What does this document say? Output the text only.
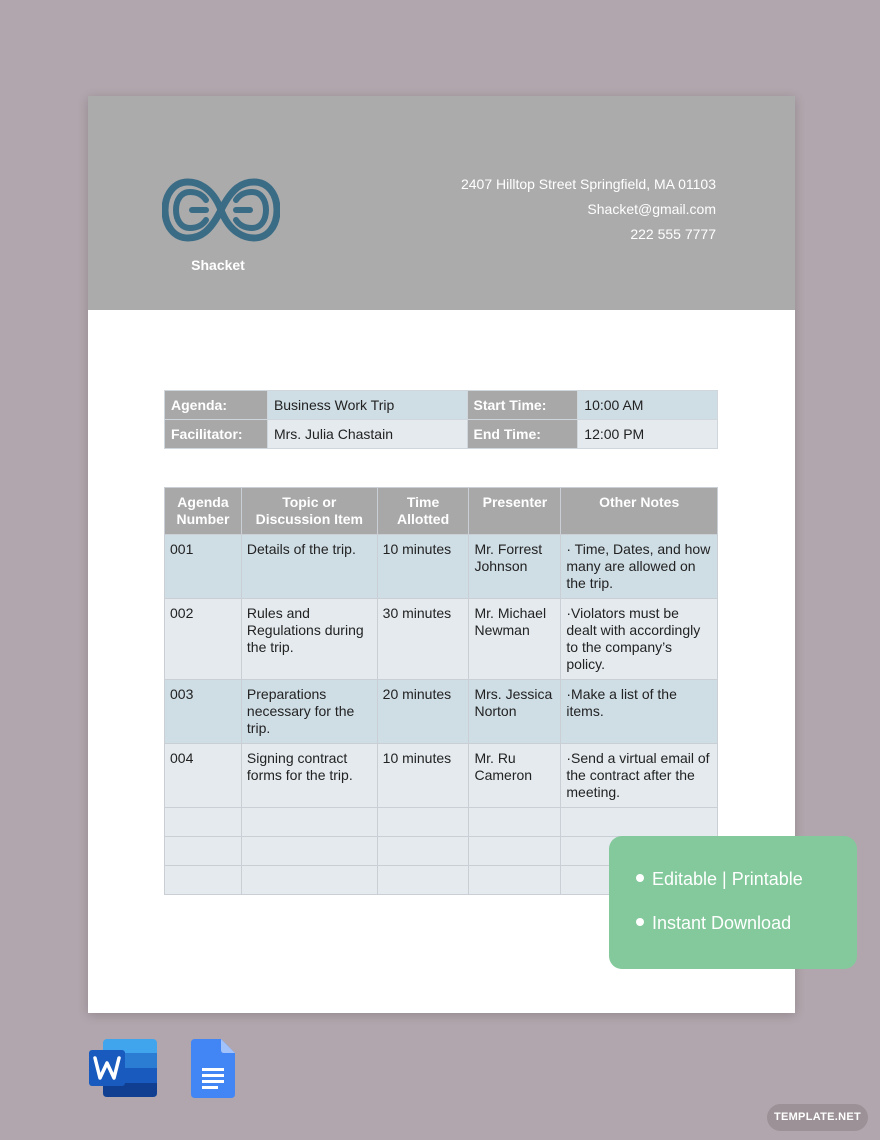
Shacket
2407 Hilltop Street Springfield, MA 01103
Shacket@gmail.com
222 555 7777
Agenda:	Business Work Trip	Start Time:	10:00 AM
Facilitator:	Mrs. Julia Chastain	End Time:	12:00 PM
Agenda Number	Topic or Discussion Item	Time Allotted	Presenter	Other Notes
001	Details of the trip.	10 minutes	Mr. Forrest Johnson	· Time, Dates, and how many are allowed on the trip.
002	Rules and Regulations during the trip.	30 minutes	Mr. Michael Newman	·Violators must be dealt with accordingly to the company’s policy.
003	Preparations necessary for the trip.	20 minutes	Mrs. Jessica Norton	·Make a list of the items.
004	Signing contract forms for the trip.	10 minutes	Mr. Ru Cameron	·Send a virtual email of the contract after the meeting.

Editable | Printable
Instant Download
TEMPLATE.NET
